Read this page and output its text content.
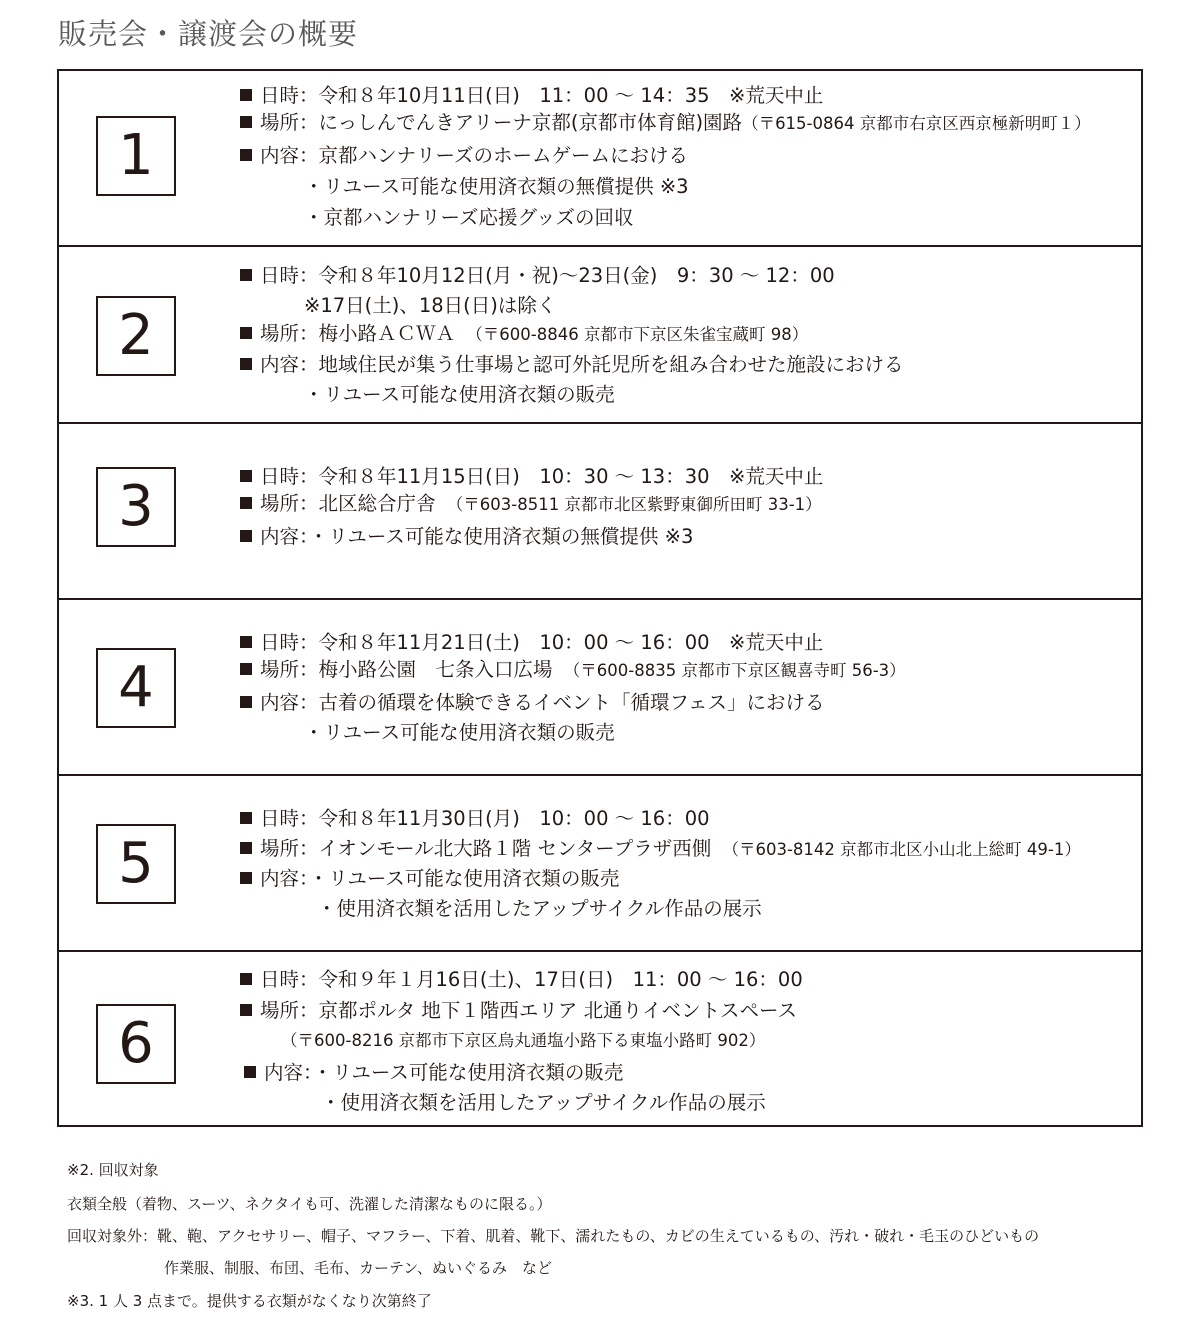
販売会・譲渡会の概要
1
日時：令和８年10月11日(日)　11：00 ～ 14：35　※荒天中止
場所：にっしんでんきアリーナ京都(京都市体育館)園路（〒615-0864 京都市右京区西京極新明町１）
内容：京都ハンナリーズのホームゲームにおける
・リユース可能な使用済衣類の無償提供 ※3
・京都ハンナリーズ応援グッズの回収
2
日時：令和８年10月12日(月・祝)～23日(金)　9：30 ～ 12：00
※17日(土)、18日(日)は除く
場所：梅小路ＡＣＷＡ　 （〒600-8846 京都市下京区朱雀宝蔵町 98）
内容：地域住民が集う仕事場と認可外託児所を組み合わせた施設における
・リユース可能な使用済衣類の販売
3	日時：令和８年11月15日(日)　10：30 ～ 13：30　※荒天中止
場所：北区総合庁舎　 （〒603-8511 京都市北区紫野東御所田町 33-1）
内容：・リユース可能な使用済衣類の無償提供 ※3
4
日時：令和８年11月21日(土)　10：00 ～ 16：00　※荒天中止
場所：梅小路公園　七条入口広場　 （〒600-8835 京都市下京区観喜寺町 56-3）
内容：古着の循環を体験できるイベント「循環フェス」における
・リユース可能な使用済衣類の販売
5
日時：令和８年11月30日(月)　10：00 ～ 16：00
場所：イオンモール北大路１階 センタープラザ西側　 （〒603-8142 京都市北区小山北上総町 49-1）
内容：・リユース可能な使用済衣類の販売
・使用済衣類を活用したアップサイクル作品の展示
6
日時：令和９年１月16日(土)、17日(日)　11：00 ～ 16：00
場所：京都ポルタ 地下１階西エリア 北通りイベントスペース
（〒600-8216 京都市下京区烏丸通塩小路下る東塩小路町 902）
内容：・リユース可能な使用済衣類の販売
・使用済衣類を活用したアップサイクル作品の展示
※2. 回収対象
衣類全般（着物、スーツ、ネクタイも可、洗濯した清潔なものに限る。）
回収対象外：靴、鞄、アクセサリー、帽子、マフラー、下着、肌着、靴下、濡れたもの、カビの生えているもの、汚れ・破れ・毛玉のひどいもの
作業服、制服、布団、毛布、カーテン、ぬいぐるみ　など
※3. 1 人 3 点まで。提供する衣類がなくなり次第終了
